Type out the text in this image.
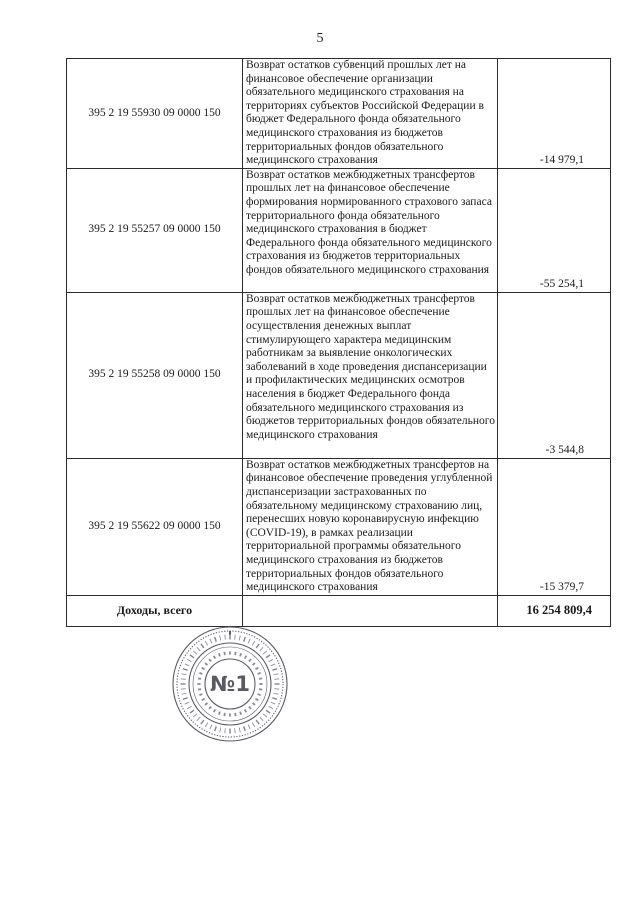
5
395 2 19 55930 09 0000 150	Возврат остатков субвенций прошлых лет на финансовое обеспечение организации обязательного медицинского страхования на территориях субъектов Российской Федерации в бюджет Федерального фонда обязательного медицинского страхования из бюджетов территориальных фондов обязательного медицинского страхования	-14 979,1
395 2 19 55257 09 0000 150	Возврат остатков межбюджетных трансфертов прошлых лет на финансовое обеспечение формирования нормированного страхового запаса территориального фонда обязательного медицинского страхования в бюджет Федерального фонда обязательного медицинского страхования из бюджетов территориальных фондов обязательного медицинского страхования	-55 254,1
395 2 19 55258 09 0000 150	Возврат остатков межбюджетных трансфертов прошлых лет на финансовое обеспечение осуществления денежных выплат стимулирующего характера медицинским работникам за выявление онкологических заболеваний в ходе проведения диспансеризации и профилактических медицинских осмотров населения в бюджет Федерального фонда обязательного медицинского страхования из бюджетов территориальных фондов обязательного медицинского страхования	-3 544,8
395 2 19 55622 09 0000 150	Возврат остатков межбюджетных трансфертов на финансовое обеспечение проведения углубленной диспансеризации застрахованных по обязательному медицинскому страхованию лиц, перенесших новую коронавирусную инфекцию (COVID-19), в рамках реализации территориальной программы обязательного медицинского страхования из бюджетов территориальных фондов обязательного медицинского страхования	-15 379,7
Доходы, всего		16 254 809,4
№1
